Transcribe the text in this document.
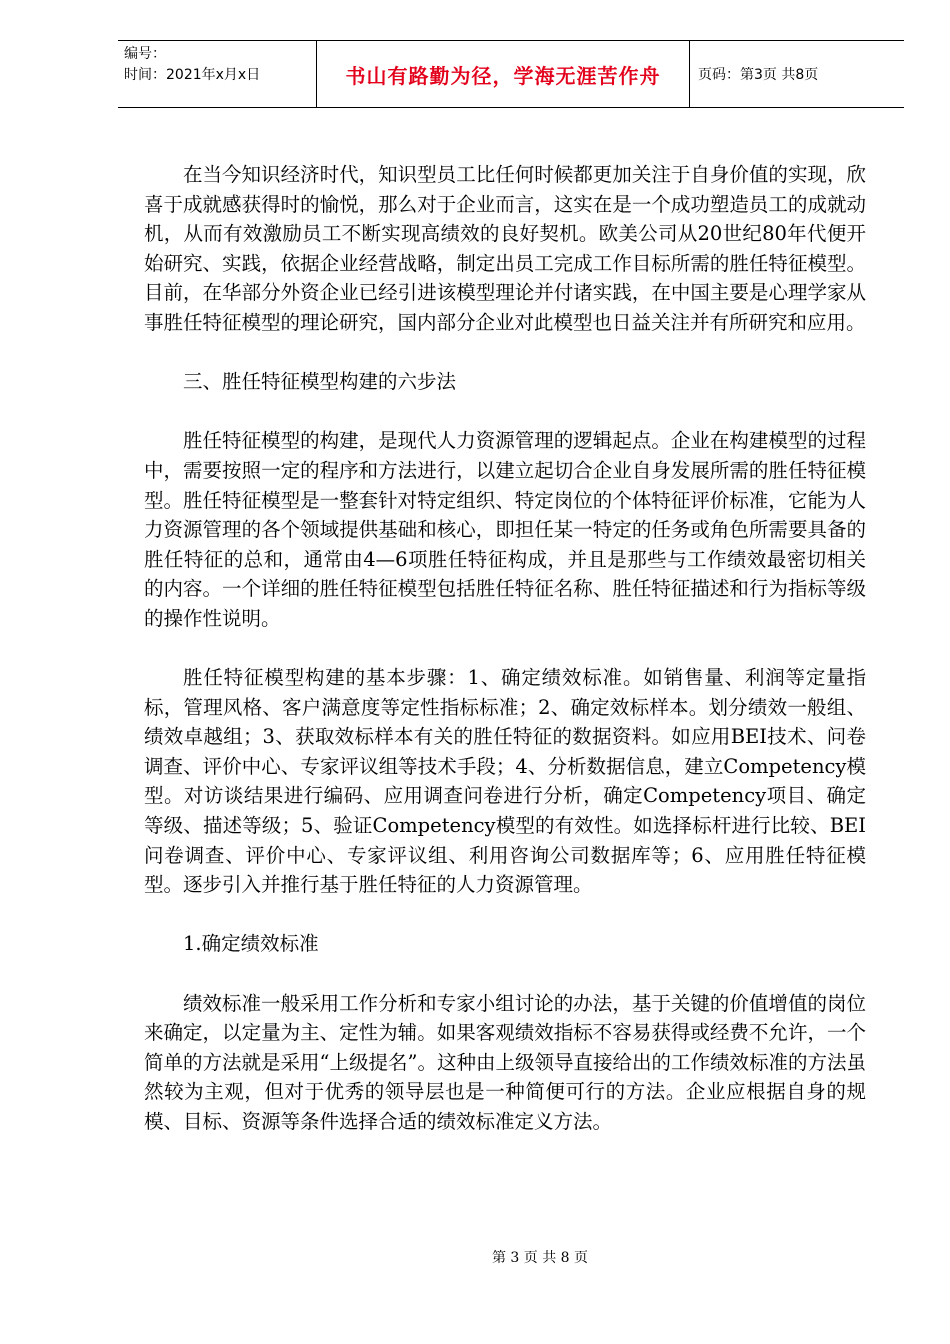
编号：
时间：2021年x月x日	书山有路勤为径，学海无涯苦作舟	页码：第3页 共8页

在当今知识经济时代，知识型员工比任何时候都更加关注于自身价值的实现，欣喜于成就感获得时的愉悦，那么对于企业而言，这实在是一个成功塑造员工的成就动机，从而有效激励员工不断实现高绩效的良好契机。欧美公司从20世纪80年代便开始研究、实践，依据企业经营战略，制定出员工完成工作目标所需的胜任特征模型。目前，在华部分外资企业已经引进该模型理论并付诸实践，在中国主要是心理学家从事胜任特征模型的理论研究，国内部分企业对此模型也日益关注并有所研究和应用。

三、胜任特征模型构建的六步法

胜任特征模型的构建，是现代人力资源管理的逻辑起点。企业在构建模型的过程中，需要按照一定的程序和方法进行，以建立起切合企业自身发展所需的胜任特征模型。胜任特征模型是一整套针对特定组织、特定岗位的个体特征评价标准，它能为人力资源管理的各个领域提供基础和核心，即担任某一特定的任务或角色所需要具备的胜任特征的总和，通常由4—6项胜任特征构成，并且是那些与工作绩效最密切相关的内容。一个详细的胜任特征模型包括胜任特征名称、胜任特征描述和行为指标等级的操作性说明。

胜任特征模型构建的基本步骤：1、确定绩效标准。如销售量、利润等定量指标，管理风格、客户满意度等定性指标标准；2、确定效标样本。划分绩效一般组、绩效卓越组；3、获取效标样本有关的胜任特征的数据资料。如应用BEI技术、问卷调查、评价中心、专家评议组等技术手段；4、分析数据信息，建立Competency模型。对访谈结果进行编码、应用调查问卷进行分析，确定Competency项目、确定等级、描述等级；5、验证Competency模型的有效性。如选择标杆进行比较、BEI问卷调查、评价中心、专家评议组、利用咨询公司数据库等；6、应用胜任特征模型。逐步引入并推行基于胜任特征的人力资源管理。

1.确定绩效标准

绩效标准一般采用工作分析和专家小组讨论的办法，基于关键的价值增值的岗位来确定，以定量为主、定性为辅。如果客观绩效指标不容易获得或经费不允许，一个简单的方法就是采用“上级提名”。这种由上级领导直接给出的工作绩效标准的方法虽然较为主观，但对于优秀的领导层也是一种简便可行的方法。企业应根据自身的规模、目标、资源等条件选择合适的绩效标准定义方法。

第 3 页 共 8 页
